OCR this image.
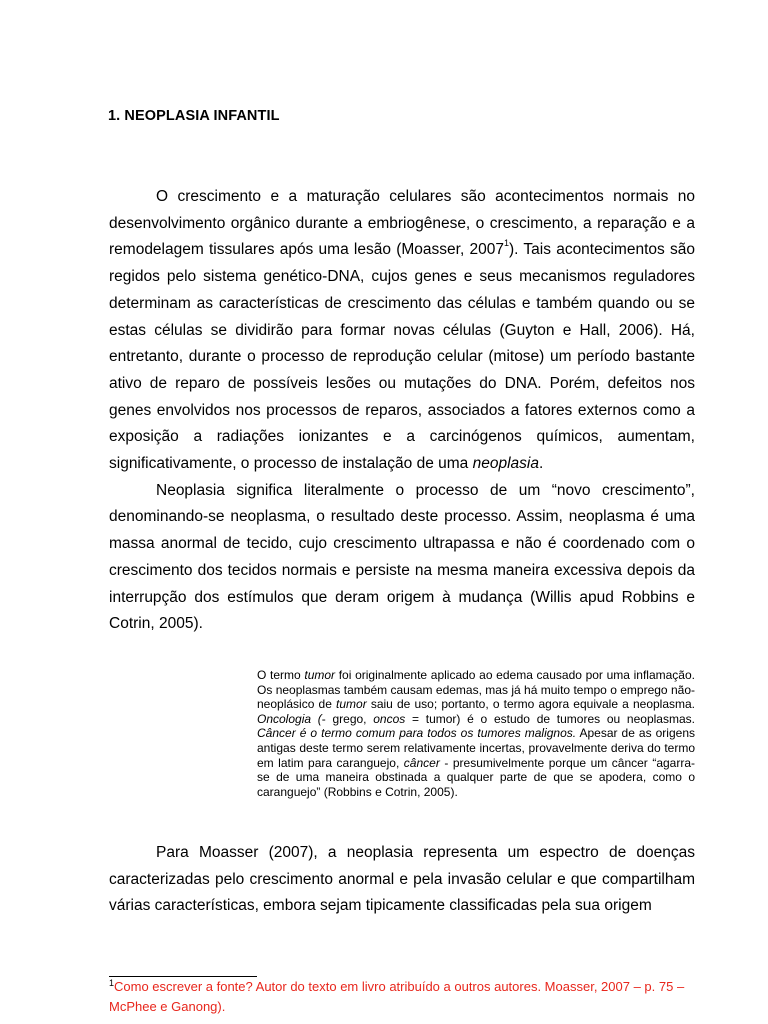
1. NEOPLASIA INFANTIL

O crescimento e a maturação celulares são acontecimentos normais no desenvolvimento orgânico durante a embriogênese, o crescimento, a reparação e a remodelagem tissulares após uma lesão (Moasser, 2007$^1$). Tais acontecimentos são regidos pelo sistema genético-DNA, cujos genes e seus mecanismos reguladores determinam as características de crescimento das células e também quando ou se estas células se dividirão para formar novas células (Guyton e Hall, 2006). Há, entretanto, durante o processo de reprodução celular (mitose) um período bastante ativo de reparo de possíveis lesões ou mutações do DNA. Porém, defeitos nos genes envolvidos nos processos de reparos, associados a fatores externos como a exposição a radiações ionizantes e a carcinógenos químicos, aumentam, significativamente, o processo de instalação de uma neoplasia.

Neoplasia significa literalmente o processo de um “novo crescimento”, denominando-se neoplasma, o resultado deste processo. Assim, neoplasma é uma massa anormal de tecido, cujo crescimento ultrapassa e não é coordenado com o crescimento dos tecidos normais e persiste na mesma maneira excessiva depois da interrupção dos estímulos que deram origem à mudança (Willis apud Robbins e Cotrin, 2005).

O termo tumor foi originalmente aplicado ao edema causado por uma inflamação. Os neoplasmas também causam edemas, mas já há muito tempo o emprego não-neoplásico de tumor saiu de uso; portanto, o termo agora equivale a neoplasma. Oncologia (- grego, oncos = tumor) é o estudo de tumores ou neoplasmas. Câncer é o termo comum para todos os tumores malignos. Apesar de as origens antigas deste termo serem relativamente incertas, provavelmente deriva do termo em latim para caranguejo, câncer - presumivelmente porque um câncer “agarra-se de uma maneira obstinada a qualquer parte de que se apodera, como o caranguejo” (Robbins e Cotrin, 2005).

Para Moasser (2007), a neoplasia representa um espectro de doenças caracterizadas pelo crescimento anormal e pela invasão celular e que compartilham várias características, embora sejam tipicamente classificadas pela sua origem

$^1$Como escrever a fonte? Autor do texto em livro atribuído a outros autores. Moasser, 2007 – p. 75 – McPhee e Ganong).
